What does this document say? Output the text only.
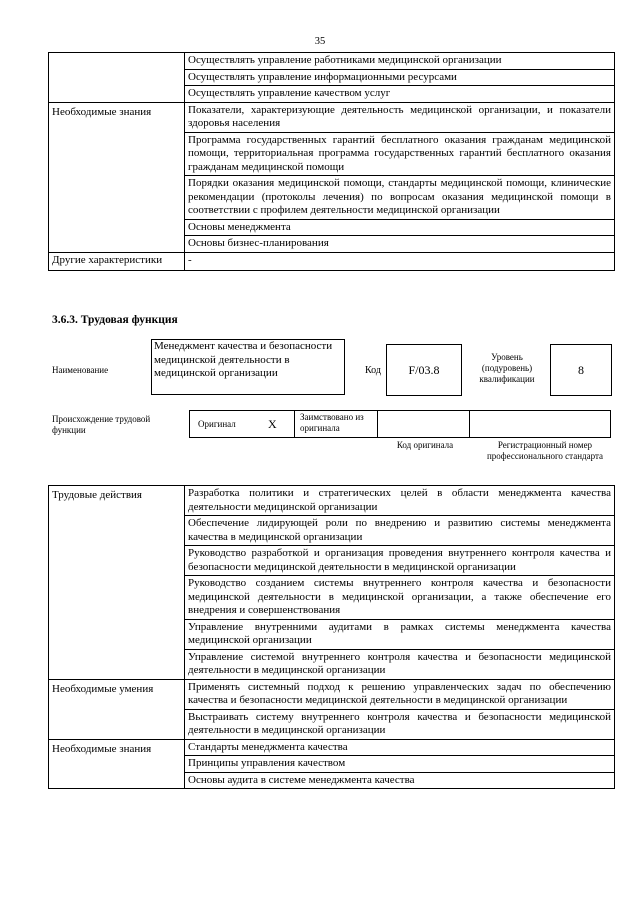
35
	Осуществлять управление работниками медицинской организации
	Осуществлять управление информационными ресурсами
	Осуществлять управление качеством услуг
Необходимые знания	Показатели, характеризующие деятельность медицинской организации, и показатели здоровья населения
	Программа государственных гарантий бесплатного оказания гражданам медицинской помощи, территориальная программа государственных гарантий бесплатного оказания гражданам медицинской помощи
	Порядки оказания медицинской помощи, стандарты медицинской помощи, клинические рекомендации (протоколы лечения) по вопросам оказания медицинской помощи в соответствии с профилем деятельности медицинской организации
	Основы менеджмента
	Основы бизнес-планирования
Другие характеристики	-
3.6.3. Трудовая функция
Наименование
Менеджмент качества и безопасности медицинской деятельности в медицинской организации	Код	F/03.8
Уровень (подуровень) квалификации
8
Происхождение трудовой функции
Оригинал	X	Заимствовано из оригинала
Код оригинала	Регистрационный номер профессионального стандарта
Трудовые действия	Разработка политики и стратегических целей в области менеджмента качества деятельности медицинской организации
	Обеспечение лидирующей роли по внедрению и развитию системы менеджмента качества в медицинской организации
	Руководство разработкой и организация проведения внутреннего контроля качества и безопасности медицинской деятельности в медицинской организации
	Руководство созданием системы внутреннего контроля качества и безопасности медицинской деятельности в медицинской организации, а также обеспечение его внедрения и совершенствования
	Управление внутренними аудитами в рамках системы менеджмента качества медицинской организации
	Управление системой внутреннего контроля качества и безопасности медицинской деятельности в медицинской организации
Необходимые умения	Применять системный подход к решению управленческих задач по обеспечению качества и безопасности медицинской деятельности в медицинской организации
	Выстраивать систему внутреннего контроля качества и безопасности медицинской деятельности в медицинской организации
Необходимые знания	Стандарты менеджмента качества
	Принципы управления качеством
	Основы аудита в системе менеджмента качества
